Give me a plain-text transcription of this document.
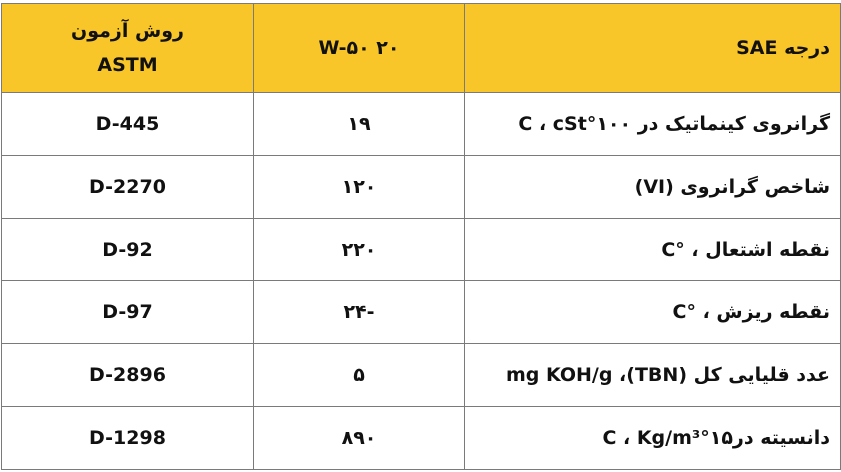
درجه SAE	۲۰ W-۵۰	روش آزمون
ASTM

گرانروی کینماتیک در ۱۰۰°C ، cSt	۱۹	D-445
شاخص گرانروی (VI)	۱۲۰	D-2270
نقطه اشتعال ، °C	۲۲۰	D-92
نقطه ریزش ، °C	-۲۴	D-97
عدد قلیایی کل (TBN)، mg KOH/g	۵	D-2896
دانسیته در۱۵°C ، Kg/m³	۸۹۰	D-1298
